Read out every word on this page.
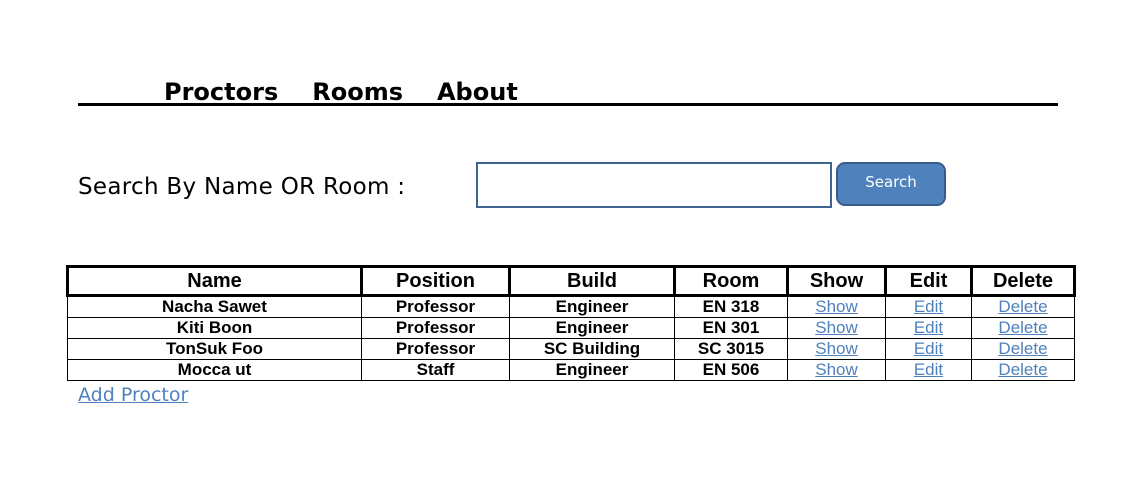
Proctors Rooms About
Search By Name OR Room :	Search
Name	Position	Build	Room	Show	Edit	Delete
Nacha Sawet	Professor	Engineer	EN 318	Show	Edit	Delete
Kiti Boon	Professor	Engineer	EN 301	Show	Edit	Delete
TonSuk Foo	Professor	SC Building	SC 3015	Show	Edit	Delete
Mocca ut	Staff	Engineer	EN 506	Show	Edit	Delete
Add Proctor
